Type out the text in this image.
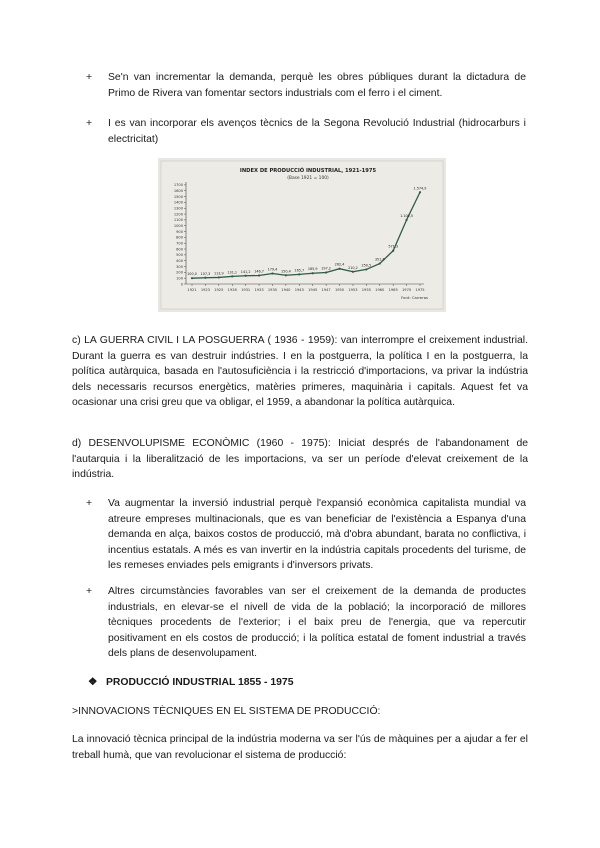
+	Se'n van incrementar la demanda, perquè les obres públiques durant la dictadura de Primo de Rivera van fomentar sectors industrials com el ferro i el ciment.
+	I es van incorporar els avenços tècnics de la Segona Revolució Industrial (hidrocarburs i electricitat)
INDEX DE PRODUCCIÓ INDUSTRIAL, 1921-1975
(Base 1921 = 100)
Font: Carreras
0
100
200
300
400
500
600
700
800
900
1000
1100
1200
1300
1400
1500
1600
1700
1921 1923 1925 1928 1931 1933 1935 1940 1943 1945 1947 1950 1953 1955 1960 1965 1970 1975
100,0 107,3 113,9 131,1 141,2 146,7 179,4 150,4 165,7 185,9 197,2
262,4
210,2
250,5
351,6
571,3
1.100,5
1.574,9
c) LA GUERRA CIVIL I LA POSGUERRA ( 1936 - 1959): van interrompre el creixement industrial. Durant la guerra es van destruir indústries. I en la postguerra, la política I en la postguerra, la política autàrquica, basada en l'autosuficiència i la restricció d'importacions, va privar la indústria dels necessaris recursos energètics, matèries primeres, maquinària i capitals. Aquest fet va ocasionar una crisi greu que va obligar, el 1959, a abandonar la política autàrquica.
d) DESENVOLUPISME ECONÒMIC (1960 - 1975): Iniciat després de l'abandonament de l'autarquia i la liberalització de les importacions, va ser un període d'elevat creixement de la indústria.
+	Va augmentar la inversió industrial perquè l'expansió econòmica capitalista mundial va atreure empreses multinacionals, que es van beneficiar de l'existència a Espanya d'una demanda en alça, baixos costos de producció, mà d'obra abundant, barata no conflictiva, i incentius estatals. A més es van invertir en la indústria capitals procedents del turisme, de les remeses enviades pels emigrants i d'inversors privats.
+	Altres circumstàncies favorables van ser el creixement de la demanda de productes industrials, en elevar-se el nivell de vida de la població; la incorporació de millores tècniques procedents de l'exterior; i el baix preu de l'energia, que va repercutir positivament en els costos de producció; i la política estatal de foment industrial a través dels plans de desenvolupament.
❖ PRODUCCIÓ INDUSTRIAL 1855 - 1975
>INNOVACIONS TÈCNIQUES EN EL SISTEMA DE PRODUCCIÓ:
La innovació tècnica principal de la indústria moderna va ser l'ús de màquines per a ajudar a fer el treball humà, que van revolucionar el sistema de producció:
